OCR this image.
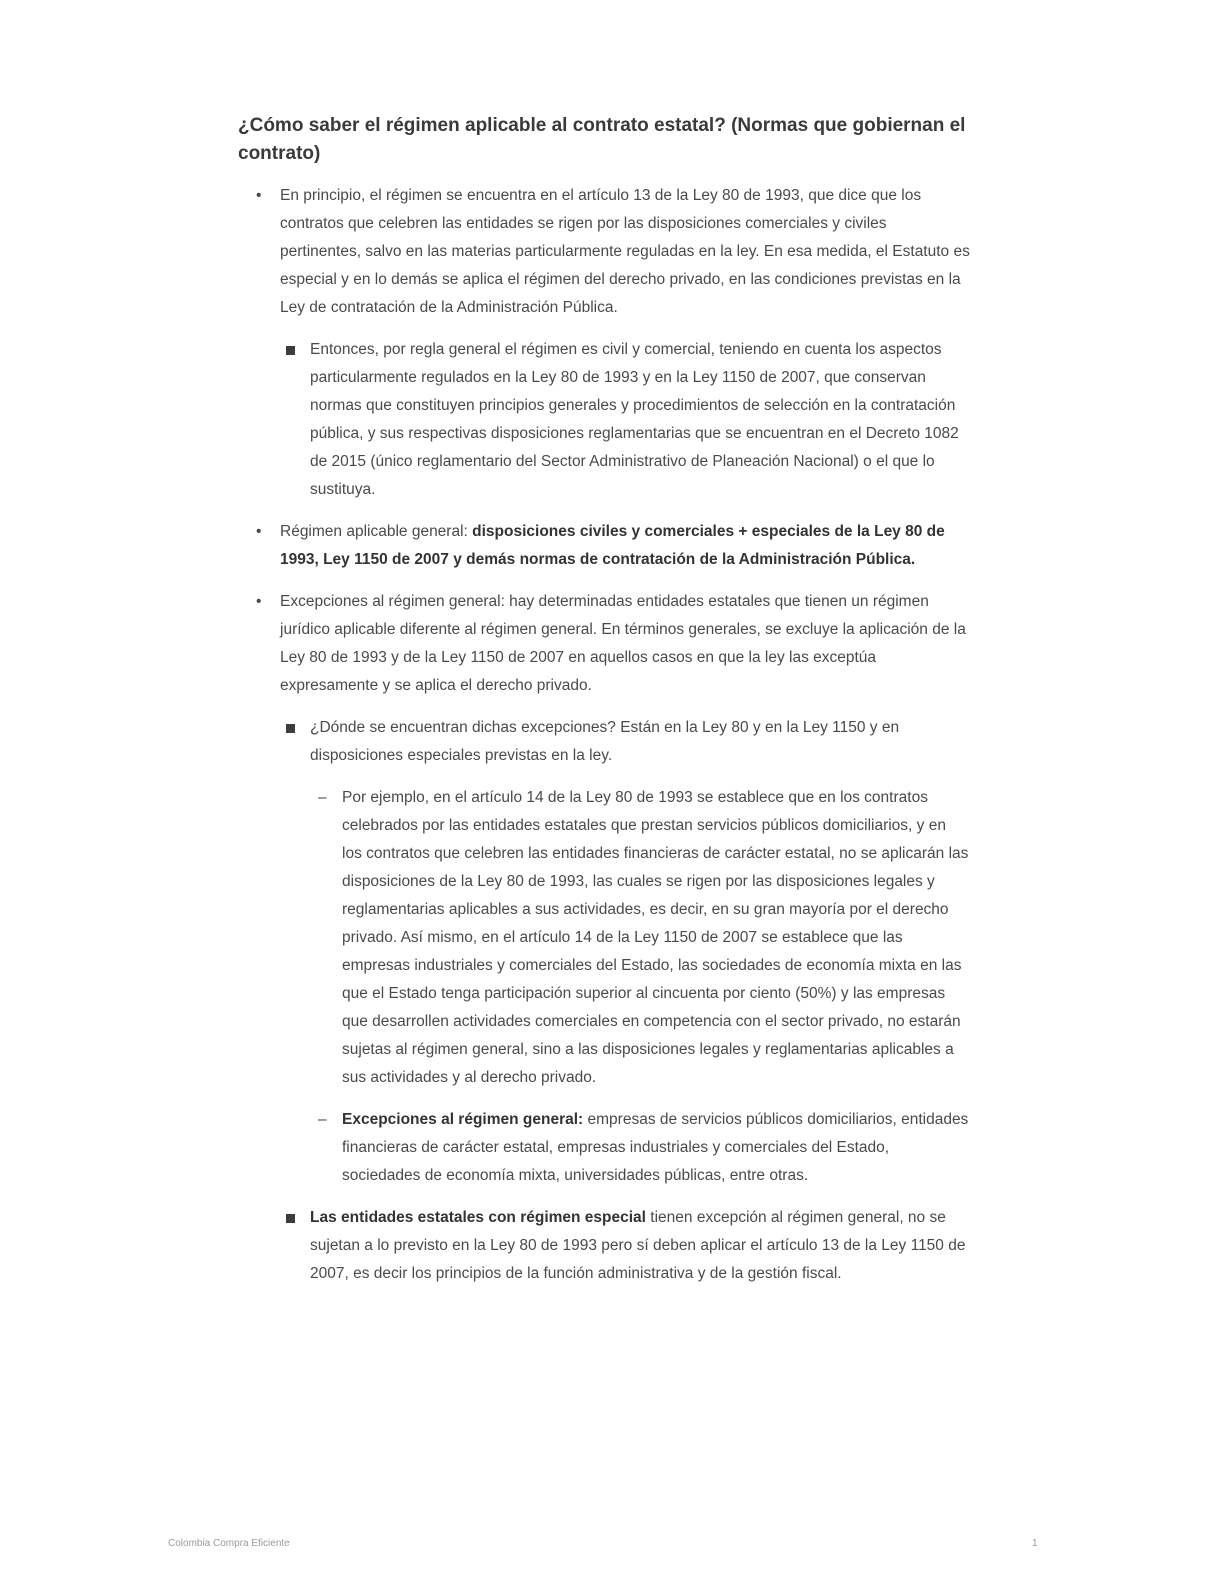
¿Cómo saber el régimen aplicable al contrato estatal? (Normas que gobiernan el contrato)
• En principio, el régimen se encuentra en el artículo 13 de la Ley 80 de 1993, que dice que los contratos que celebren las entidades se rigen por las disposiciones comerciales y civiles pertinentes, salvo en las materias particularmente reguladas en la ley. En esa medida, el Estatuto es especial y en lo demás se aplica el régimen del derecho privado, en las condiciones previstas en la Ley de contratación de la Administración Pública.
Entonces, por regla general el régimen es civil y comercial, teniendo en cuenta los aspectos particularmente regulados en la Ley 80 de 1993 y en la Ley 1150 de 2007, que conservan normas que constituyen principios generales y procedimientos de selección en la contratación pública, y sus respectivas disposiciones reglamentarias que se encuentran en el Decreto 1082 de 2015 (único reglamentario del Sector Administrativo de Planeación Nacional) o el que lo sustituya.
• Régimen aplicable general: disposiciones civiles y comerciales + especiales de la Ley 80 de 1993, Ley 1150 de 2007 y demás normas de contratación de la Administración Pública.
• Excepciones al régimen general: hay determinadas entidades estatales que tienen un régimen jurídico aplicable diferente al régimen general. En términos generales, se excluye la aplicación de la Ley 80 de 1993 y de la Ley 1150 de 2007 en aquellos casos en que la ley las exceptúa expresamente y se aplica el derecho privado.
¿Dónde se encuentran dichas excepciones? Están en la Ley 80 y en la Ley 1150 y en disposiciones especiales previstas en la ley.
– Por ejemplo, en el artículo 14 de la Ley 80 de 1993 se establece que en los contratos celebrados por las entidades estatales que prestan servicios públicos domiciliarios, y en los contratos que celebren las entidades financieras de carácter estatal, no se aplicarán las disposiciones de la Ley 80 de 1993, las cuales se rigen por las disposiciones legales y reglamentarias aplicables a sus actividades, es decir, en su gran mayoría por el derecho privado. Así mismo, en el artículo 14 de la Ley 1150 de 2007 se establece que las empresas industriales y comerciales del Estado, las sociedades de economía mixta en las que el Estado tenga participación superior al cincuenta por ciento (50%) y las empresas que desarrollen actividades comerciales en competencia con el sector privado, no estarán sujetas al régimen general, sino a las disposiciones legales y reglamentarias aplicables a sus actividades y al derecho privado.
– Excepciones al régimen general: empresas de servicios públicos domiciliarios, entidades financieras de carácter estatal, empresas industriales y comerciales del Estado, sociedades de economía mixta, universidades públicas, entre otras.
Las entidades estatales con régimen especial tienen excepción al régimen general, no se sujetan a lo previsto en la Ley 80 de 1993 pero sí deben aplicar el artículo 13 de la Ley 1150 de 2007, es decir los principios de la función administrativa y de la gestión fiscal.
Colombia Compra Eficiente	1
